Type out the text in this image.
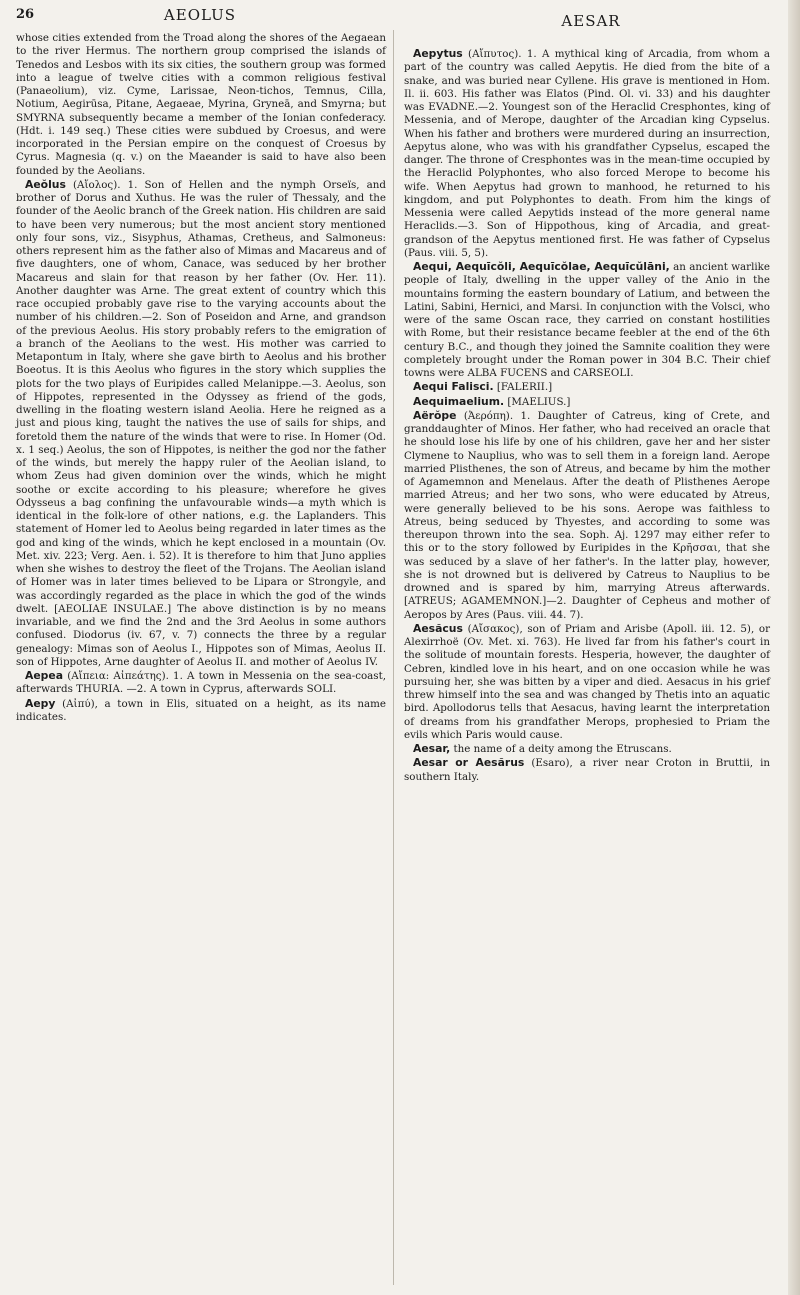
26	AEOLUS	AESAR

whose cities extended from the Troad along the shores of the Aegaean to the river Hermus. The northern group comprised the islands of Tenedos and Lesbos with its six cities, the southern group was formed into a league of twelve cities with a common religious festival (Panaeolium), viz. Cyme, Larissae, Neon-tichos, Temnus, Cilla, Notium, Aegirūsa, Pitane, Aegaeae, Myrina, Gryneā, and Smyrna; but SMYRNA subsequently became a member of the Ionian confederacy. (Hdt. i. 149 seq.) These cities were subdued by Croesus, and were incorporated in the Persian empire on the conquest of Croesus by Cyrus. Magnesia (q. v.) on the Maeander is said to have also been founded by the Aeolians.

Aeŏlus (Αἴολος). 1. Son of Hellen and the nymph Orseïs, and brother of Dorus and Xuthus. He was the ruler of Thessaly, and the founder of the Aeolic branch of the Greek nation. His children are said to have been very numerous; but the most ancient story mentioned only four sons, viz., Sisyphus, Athamas, Cretheus, and Salmoneus: others represent him as the father also of Mimas and Macareus and of five daughters, one of whom, Canace, was seduced by her brother Macareus and slain for that reason by her father (Ov. Her. 11). Another daughter was Arne. The great extent of country which this race occupied probably gave rise to the varying accounts about the number of his children.—2. Son of Poseidon and Arne, and grandson of the previous Aeolus. His story probably refers to the emigration of a branch of the Aeolians to the west. His mother was carried to Metapontum in Italy, where she gave birth to Aeolus and his brother Boeotus. It is this Aeolus who figures in the story which supplies the plots for the two plays of Euripides called Melanippe.—3. Aeolus, son of Hippotes, represented in the Odyssey as friend of the gods, dwelling in the floating western island Aeolia. Here he reigned as a just and pious king, taught the natives the use of sails for ships, and foretold them the nature of the winds that were to rise. In Homer (Od. x. 1 seq.) Aeolus, the son of Hippotes, is neither the god nor the father of the winds, but merely the happy ruler of the Aeolian island, to whom Zeus had given dominion over the winds, which he might soothe or excite according to his pleasure; wherefore he gives Odysseus a bag confining the unfavourable winds—a myth which is identical in the folk-lore of other nations, e.g. the Laplanders. This statement of Homer led to Aeolus being regarded in later times as the god and king of the winds, which he kept enclosed in a mountain (Ov. Met. xiv. 223; Verg. Aen. i. 52). It is therefore to him that Juno applies when she wishes to destroy the fleet of the Trojans. The Aeolian island of Homer was in later times believed to be Lipara or Strongyle, and was accordingly regarded as the place in which the god of the winds dwelt. [AEOLIAE INSULAE.] The above distinction is by no means invariable, and we find the 2nd and the 3rd Aeolus in some authors confused. Diodorus (iv. 67, v. 7) connects the three by a regular genealogy: Mimas son of Aeolus I., Hippotes son of Mimas, Aeolus II. son of Hippotes, Arne daughter of Aeolus II. and mother of Aeolus IV.

Aepea (Αἴπεια: Αἰπεάτης). 1. A town in Messenia on the sea-coast, afterwards THURIA. —2. A town in Cyprus, afterwards SOLI.

Aepy (Αἰπύ), a town in Elis, situated on a height, as its name indicates.

Aepytus (Αἴπυτος). 1. A mythical king of Arcadia, from whom a part of the country was called Aepytis. He died from the bite of a snake, and was buried near Cyllene. His grave is mentioned in Hom. Il. ii. 603. His father was Elatos (Pind. Ol. vi. 33) and his daughter was EVADNE.—2. Youngest son of the Heraclid Cresphontes, king of Messenia, and of Merope, daughter of the Arcadian king Cypselus. When his father and brothers were murdered during an insurrection, Aepytus alone, who was with his grandfather Cypselus, escaped the danger. The throne of Cresphontes was in the mean-time occupied by the Heraclid Polyphontes, who also forced Merope to become his wife. When Aepytus had grown to manhood, he returned to his kingdom, and put Polyphontes to death. From him the kings of Messenia were called Aepytids instead of the more general name Heraclids.—3. Son of Hippothous, king of Arcadia, and great-grandson of the Aepytus mentioned first. He was father of Cypselus (Paus. viii. 5, 5).

Aequi, Aequīcŏli, Aequīcŏlae, Aequīcŭlāni, an ancient warlike people of Italy, dwelling in the upper valley of the Anio in the mountains forming the eastern boundary of Latium, and between the Latini, Sabini, Hernici, and Marsi. In conjunction with the Volsci, who were of the same Oscan race, they carried on constant hostilities with Rome, but their resistance became feebler at the end of the 6th century B.C., and though they joined the Samnite coalition they were completely brought under the Roman power in 304 B.C. Their chief towns were ALBA FUCENS and CARSEOLI.

Aequi Falisci. [FALERII.]

Aequimaelium. [MAELIUS.]

Aërŏpe (Ἀερόπη). 1. Daughter of Catreus, king of Crete, and granddaughter of Minos. Her father, who had received an oracle that he should lose his life by one of his children, gave her and her sister Clymene to Nauplius, who was to sell them in a foreign land. Aerope married Plisthenes, the son of Atreus, and became by him the mother of Agamemnon and Menelaus. After the death of Plisthenes Aerope married Atreus; and her two sons, who were educated by Atreus, were generally believed to be his sons. Aerope was faithless to Atreus, being seduced by Thyestes, and according to some was thereupon thrown into the sea. Soph. Aj. 1297 may either refer to this or to the story followed by Euripides in the Κρῆσσαι, that she was seduced by a slave of her father's. In the latter play, however, she is not drowned but is delivered by Catreus to Nauplius to be drowned and is spared by him, marrying Atreus afterwards. [ATREUS; AGAMEMNON.]—2. Daughter of Cepheus and mother of Aeropos by Ares (Paus. viii. 44. 7).

Aesăcus (Αἴσακος), son of Priam and Arisbe (Apoll. iii. 12. 5), or Alexirrhoë (Ov. Met. xi. 763). He lived far from his father's court in the solitude of mountain forests. Hesperia, however, the daughter of Cebren, kindled love in his heart, and on one occasion while he was pursuing her, she was bitten by a viper and died. Aesacus in his grief threw himself into the sea and was changed by Thetis into an aquatic bird. Apollodorus tells that Aesacus, having learnt the interpretation of dreams from his grandfather Merops, prophesied to Priam the evils which Paris would cause.

Aesar, the name of a deity among the Etruscans.

Aesar or Aesărus (Esaro), a river near Croton in Bruttii, in southern Italy.
